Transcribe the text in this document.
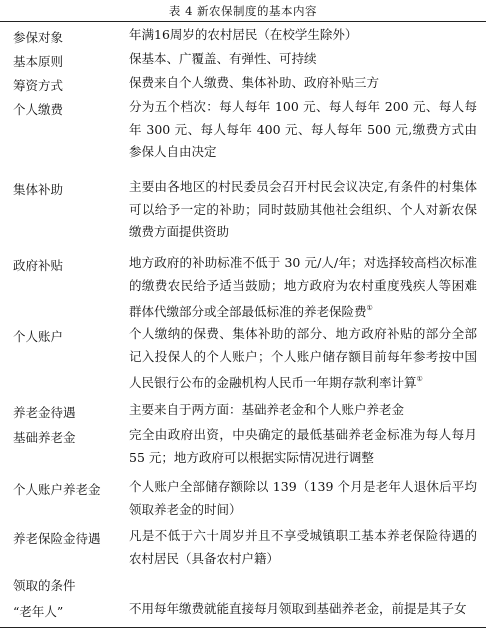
表 4 新农保制度的基本内容
参保对象	年满16周岁的农村居民（在校学生除外）
基本原则	保基本、广覆盖、有弹性、可持续
筹资方式	保费来自个人缴费、集体补助、政府补贴三方
个人缴费	分为五个档次：每人每年 100 元、每人每年 200 元、每人每年 300 元、每人每年 400 元、每人每年 500 元,缴费方式由参保人自由决定
集体补助	主要由各地区的村民委员会召开村民会议决定,有条件的村集体可以给予一定的补助；同时鼓励其他社会组织、个人对新农保缴费方面提供资助
政府补贴	地方政府的补助标准不低于 30 元/人/年；对选择较高档次标准的缴费农民给予适当鼓励；地方政府为农村重度残疾人等困难群体代缴部分或全部最低标准的养老保险费①
个人账户	个人缴纳的保费、集体补助的部分、地方政府补贴的部分全部记入投保人的个人账户；个人账户储存额目前每年参考按中国人民银行公布的金融机构人民币一年期存款利率计算①
养老金待遇	主要来自于两方面：基础养老金和个人账户养老金
基础养老金	完全由政府出资，中央确定的最低基础养老金标准为每人每月 55 元；地方政府可以根据实际情况进行调整
个人账户养老金 个人账户全部储存额除以 139（139 个月是老年人退休后平均领取养老金的时间）
养老保险金待遇 凡是不低于六十周岁并且不享受城镇职工基本养老保险待遇的农村居民（具备农村户籍）
领取的条件
“老年人”	不用每年缴费就能直接每月领取到基础养老金，前提是其子女
